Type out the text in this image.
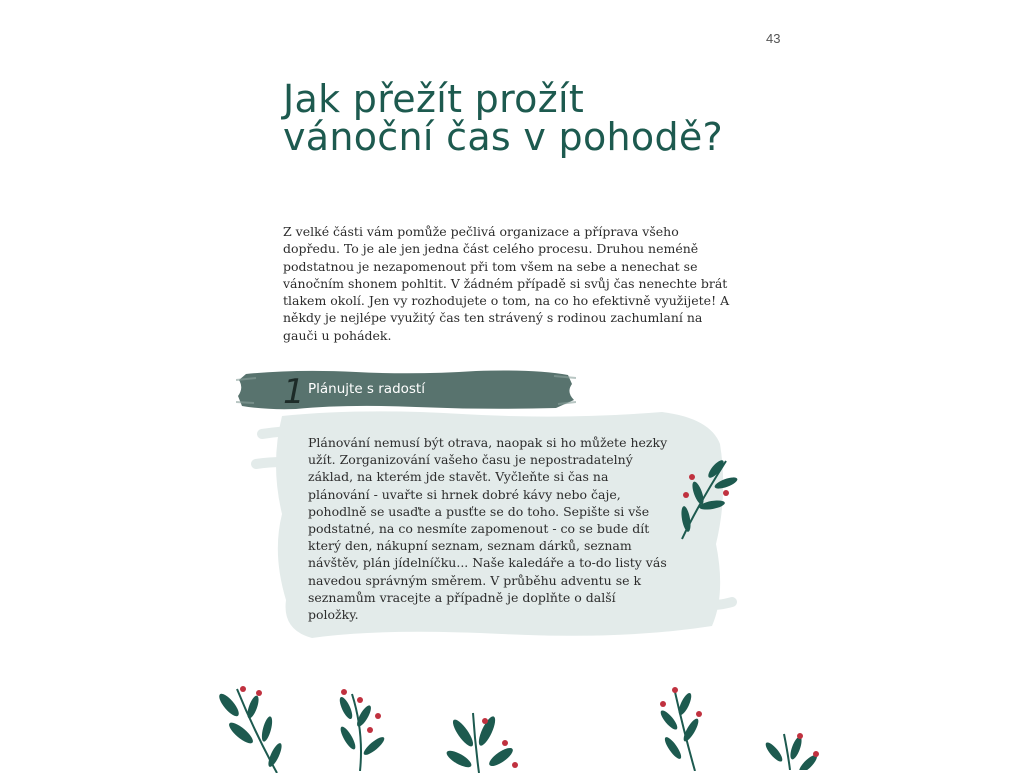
43
Jak přežít
prožít vánoční čas v pohodě?

Z velké části vám pomůže pečlivá organizace a příprava všeho dopředu. To je ale jen jedna část celého procesu. Druhou neméně podstatnou je nezapomenout při tom všem na sebe a nenechat se vánočním shonem pohltit. V žádném případě si svůj čas nenechte brát tlakem okolí. Jen vy rozhodujete o tom, na co ho efektivně využijete! A někdy je nejlépe využitý čas ten strávený s rodinou zachumlaní na gauči u pohádek.

1 Plánujte s radostí

Plánování nemusí být otrava, naopak si ho můžete hezky užít. Zorganizování vašeho času je nepostradatelný základ, na kterém jde stavět. Vyčleňte si čas na plánování - uvařte si hrnek dobré kávy nebo čaje, pohodlně se usaďte a pusťte se do toho. Sepište si vše podstatné, na co nesmíte zapomenout - co se bude dít který den, nákupní seznam, seznam dárků, seznam návštěv, plán jídelníčku... Naše kaledáře a to-do listy vás navedou správným směrem. V průběhu adventu se k seznamům vracejte a případně je doplňte o další položky.
